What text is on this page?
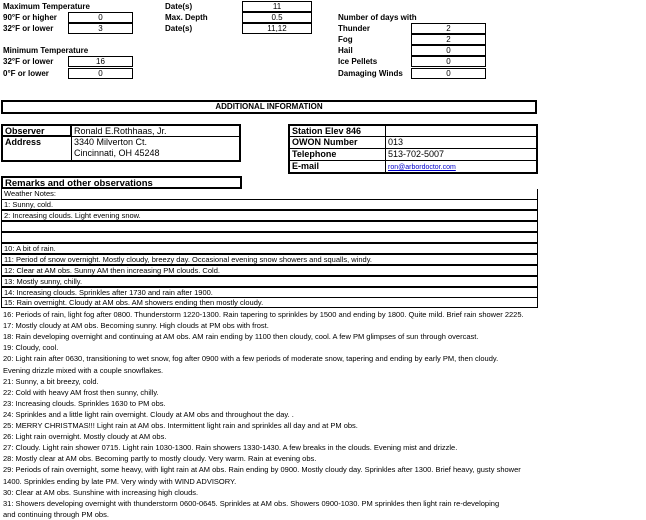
Maximum Temperature
90°F or higher	0
32°F or lower	3
Date(s)	11
Max. Depth	0.5
Date(s)	11,12
Number of days with
Thunder	2
Fog	2
Hail	0
Ice Pellets	0
Damaging Winds	0
Minimum Temperature
32°F or lower	16
0°F or lower	0
ADDITIONAL INFORMATION
Observer	Ronald E.Rothhaas, Jr.
Address	3340 Milverton Ct.
Cincinnati, OH 45248
Station Elev 846
OWON Number	013
Telephone	513-702-5007
E-mail	ron@arbordoctor.com
Remarks and other observations
Weather Notes:
1: Sunny, cold.
2: Increasing clouds. Light evening snow.
10: A bit of rain.
11: Period of snow overnight. Mostly cloudy, breezy day. Occasional evening snow showers and squalls, windy.
12: Clear at AM obs. Sunny AM then increasing PM clouds. Cold.
13: Mostly sunny, chilly.
14: Increasing clouds. Sprinkles after 1730 and rain after 1900.
15: Rain overnight. Cloudy at AM obs. AM showers ending then mostly cloudy.
16: Periods of rain, light fog after 0800. Thunderstorm 1220-1300. Rain tapering to sprinkles by 1500 and ending by 1800. Quite mild. Brief rain shower 2225.
17: Mostly cloudy at AM obs. Becoming sunny. High clouds at PM obs with frost.
18: Rain developing overnight and continuing at AM obs. AM rain ending by 1100 then cloudy, cool. A few PM glimpses of sun through overcast.
19: Cloudy, cool.
20: Light rain after 0630, transitioning to wet snow, fog after 0900 with a few periods of moderate snow, tapering and ending by early PM, then cloudy.
Evening drizzle mixed with a couple snowflakes.
21: Sunny, a bit breezy, cold.
22: Cold with heavy AM frost then sunny, chilly.
23: Increasing clouds. Sprinkles 1630 to PM obs.
24: Sprinkles and a little light rain overnight. Cloudy at AM obs and throughout the day. .
25: MERRY CHRISTMAS!!! Light rain at AM obs. Intermittent light rain and sprinkles all day and at PM obs.
26: Light rain overnight. Mostly cloudy at AM obs.
27: Cloudy. Light rain shower 0715. Light rain 1030-1300. Rain showers 1330-1430. A few breaks in the clouds. Evening mist and drizzle.
28: Mostly clear at AM obs. Becoming partly to mostly cloudy. Very warm. Rain at evening obs.
29: Periods of rain overnight, some heavy, with light rain at AM obs. Rain ending by 0900. Mostly cloudy day. Sprinkles after 1300. Brief heavy, gusty shower
1400. Sprinkles ending by late PM. Very windy with WIND ADVISORY.
30: Clear at AM obs. Sunshine with increasing high clouds.
31: Showers developing overnight with thunderstorm 0600-0645. Sprinkles at AM obs. Showers 0900-1030. PM sprinkles then light rain re-developing
and continuing through PM obs.
